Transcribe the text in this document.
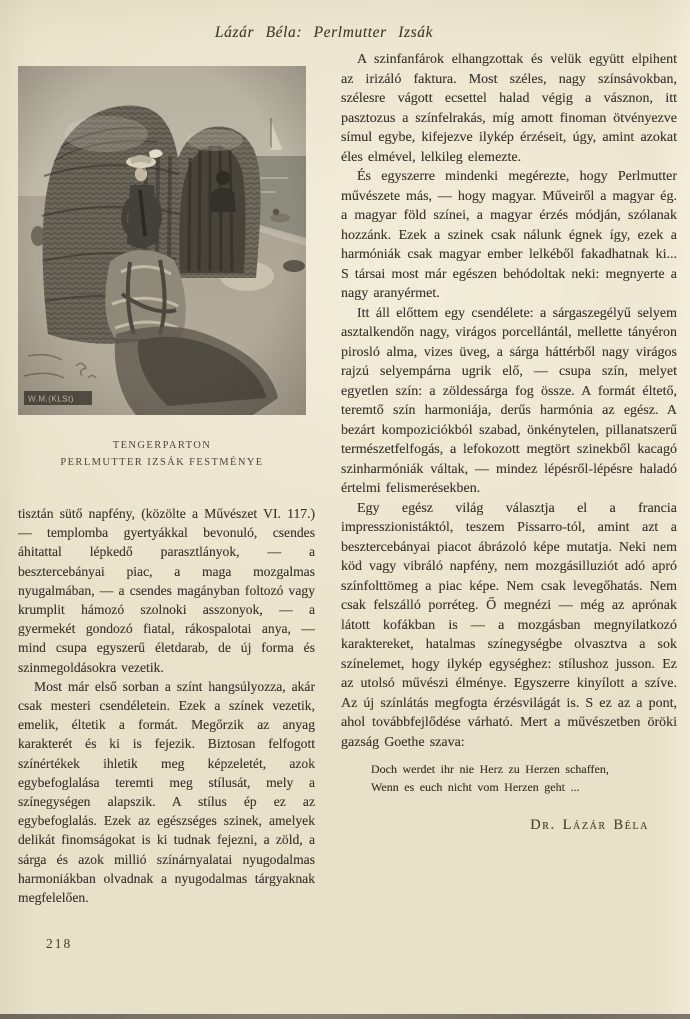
Lázár Béla: Perlmutter Izsák
TENGERPARTON
PERLMUTTER IZSÁK FESTMÉNYE

tisztán sütő napfény, (közölte a Művészet VI. 117.) — templomba gyertyákkal bevonuló, csendes áhitattal lépkedő parasztlányok, — a besztercebányai piac, a maga mozgalmas nyugalmában, — a csendes magányban foltozó vagy krumplit hámozó szolnoki asszonyok, — a gyermekét gondozó fiatal, rákospalotai anya, — mind csupa egyszerű életdarab, de új forma és szinmegoldásokra vezetik.

Most már első sorban a színt hangsúlyozza, akár csak mesteri csendéletein. Ezek a színek vezetik, emelik, éltetik a formát. Megőrzik az anyag karakterét és ki is fejezik. Biztosan felfogott színértékek ihletik meg képzeletét, azok egybefoglalása teremti meg stílusát, mely a színegységen alapszik. A stílus ép ez az egybefoglalás. Ezek az egészséges szinek, amelyek delikát finomságokat is ki tudnak fejezni, a zöld, a sárga és azok millió színárnyalatai nyugodalmas harmoniákban olvadnak a nyugodalmas tárgyaknak megfelelően.

A szinfanfárok elhangzottak és velük együtt elpihent az irizáló faktura. Most széles, nagy színsávokban, szélesre vágott ecsettel halad végig a vásznon, itt pasztozus a színfelrakás, míg amott finoman ötvényezve símul egybe, kifejezve ilykép érzéseit, úgy, amint azokat éles elmével, lelkileg elemezte.

És egyszerre mindenki megérezte, hogy Perlmutter művészete más, — hogy magyar. Műveiről a magyar ég. a magyar föld színei, a magyar érzés módján, szólanak hozzánk. Ezek a szinek csak nálunk égnek így, ezek a harmóniák csak magyar ember lelkéből fakadhatnak ki... S társai most már egészen behódoltak neki: megnyerte a nagy aranyérmet.

Itt áll előttem egy csendélete: a sárgaszegélyű selyem asztalkendőn nagy, virágos porcellántál, mellette tányéron pirosló alma, vizes üveg, a sárga háttérből nagy virágos rajzú selyempárna ugrik elő, — csupa szín, melyet egyetlen szín: a zöldessárga fog össze. A formát éltető, teremtő szín harmoniája, derűs harmónia az egész. A bezárt kompoziciókból szabad, önkénytelen, pillanatszerű természetfelfogás, a lefokozott megtört szinekből kacagó szinharmóniák váltak, — mindez lépésről-lépésre haladó értelmi felismerésekben.

Egy egész világ választja el a francia impresszionistáktól, teszem Pissarro-tól, amint azt a besztercebányai piacot ábrázoló képe mutatja. Neki nem köd vagy vibráló napfény, nem mozgásilluziót adó apró színfolttömeg a piac képe. Nem csak levegőhatás. Nem csak felszálló porréteg. Ő megnézi — még az aprónak látott kofákban is — a mozgásban megnyilatkozó karaktereket, hatalmas színegységbe olvasztva a sok színelemet, hogy ilykép egységhez: stílushoz jusson. Ez az utolsó művészi élménye. Egyszerre kinyílott a szíve. Az új színlátás megfogta érzésvilágát is. S ez az a pont, ahol továbbfejlődése várható. Mert a művészetben öröki gazság Goethe szava:

Doch werdet ihr nie Herz zu Herzen schaffen,
Wenn es euch nicht vom Herzen geht ...
Dr. Lázár Béla
218
